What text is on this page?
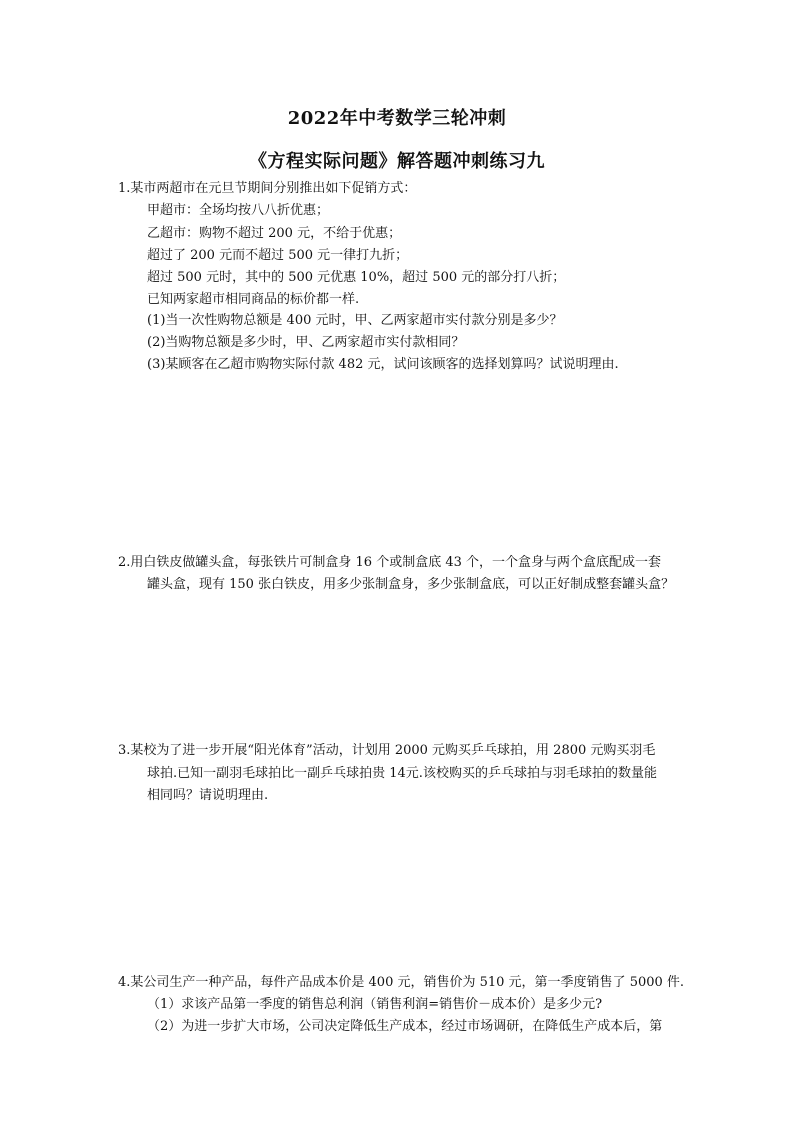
2022年中考数学三轮冲刺
《方程实际问题》解答题冲刺练习九
1.某市两超市在元旦节期间分别推出如下促销方式：
甲超市：全场均按八八折优惠；
乙超市：购物不超过 200 元，不给于优惠；
超过了 200 元而不超过 500 元一律打九折；
超过 500 元时，其中的 500 元优惠 10%，超过 500 元的部分打八折；
已知两家超市相同商品的标价都一样.
(1)当一次性购物总额是 400 元时，甲、乙两家超市实付款分别是多少？
(2)当购物总额是多少时，甲、乙两家超市实付款相同？
(3)某顾客在乙超市购物实际付款 482 元，试问该顾客的选择划算吗？试说明理由.
2.用白铁皮做罐头盒，每张铁片可制盒身 16 个或制盒底 43 个，一个盒身与两个盒底配成一套
罐头盒，现有 150 张白铁皮，用多少张制盒身，多少张制盒底，可以正好制成整套罐头盒？
3.某校为了进一步开展“阳光体育”活动，计划用 2000 元购买乒乓球拍，用 2800 元购买羽毛
球拍.已知一副羽毛球拍比一副乒乓球拍贵 14元.该校购买的乒乓球拍与羽毛球拍的数量能
相同吗？请说明理由.
4.某公司生产一种产品，每件产品成本价是 400 元，销售价为 510 元，第一季度销售了 5000 件.
（1）求该产品第一季度的销售总利润（销售利润=销售价－成本价）是多少元?
（2）为进一步扩大市场，公司决定降低生产成本，经过市场调研，在降低生产成本后，第
